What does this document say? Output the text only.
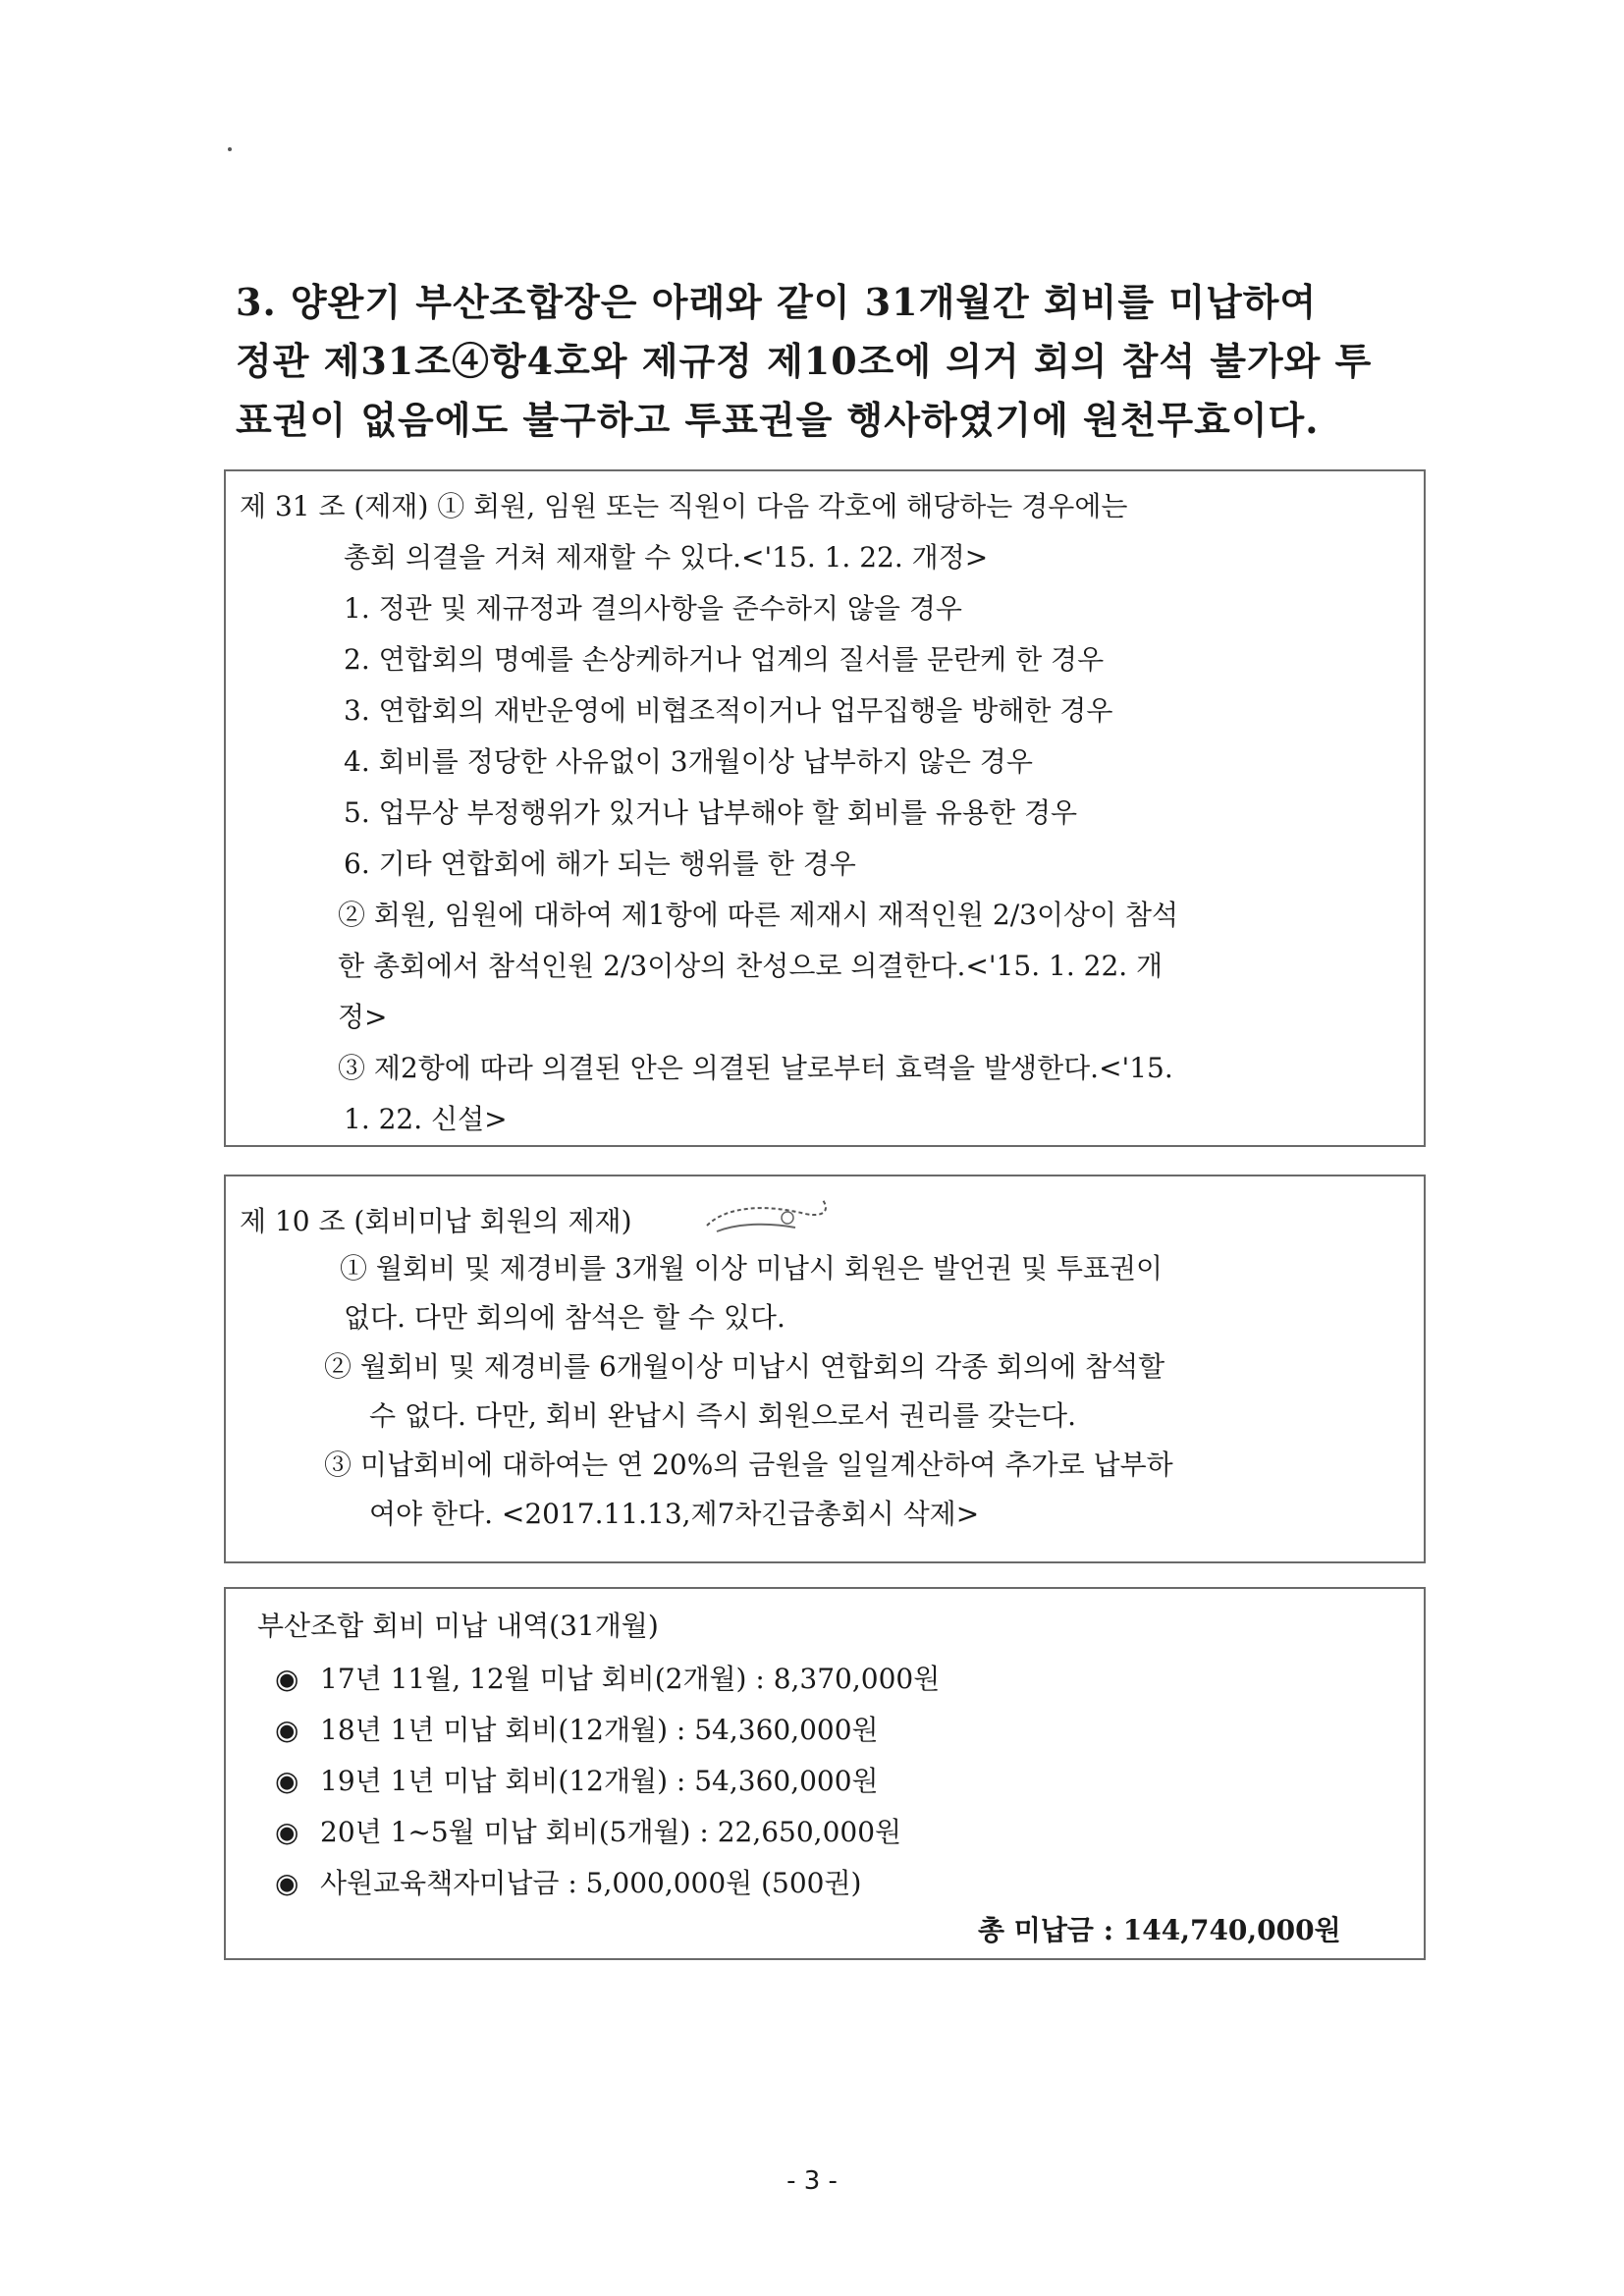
3. 양완기 부산조합장은 아래와 같이 31개월간 회비를 미납하여
정관 제31조④항4호와 제규정 제10조에 의거 회의 참석 불가와 투
표권이 없음에도 불구하고 투표권을 행사하였기에 원천무효이다.
제 31 조 (제재) ① 회원, 임원 또는 직원이 다음 각호에 해당하는 경우에는
총회 의결을 거쳐 제재할 수 있다.<'15. 1. 22. 개정>
1. 정관 및 제규정과 결의사항을 준수하지 않을 경우
2. 연합회의 명예를 손상케하거나 업계의 질서를 문란케 한 경우
3. 연합회의 재반운영에 비협조적이거나 업무집행을 방해한 경우
4. 회비를 정당한 사유없이 3개월이상 납부하지 않은 경우
5. 업무상 부정행위가 있거나 납부해야 할 회비를 유용한 경우
6. 기타 연합회에 해가 되는 행위를 한 경우
② 회원, 임원에 대하여 제1항에 따른 제재시 재적인원 2/3이상이 참석
한 총회에서 참석인원 2/3이상의 찬성으로 의결한다.<'15. 1. 22. 개
정>
③ 제2항에 따라 의결된 안은 의결된 날로부터 효력을 발생한다.<'15.
1. 22. 신설>
제 10 조 (회비미납 회원의 제재)
① 월회비 및 제경비를 3개월 이상 미납시 회원은 발언권 및 투표권이
없다. 다만 회의에 참석은 할 수 있다.
② 월회비 및 제경비를 6개월이상 미납시 연합회의 각종 회의에 참석할
수 없다. 다만, 회비 완납시 즉시 회원으로서 권리를 갖는다.
③ 미납회비에 대하여는 연 20%의 금원을 일일계산하여 추가로 납부하
여야 한다. <2017.11.13,제7차긴급총회시 삭제>
부산조합 회비 미납 내역(31개월)
◉ 17년 11월, 12월 미납 회비(2개월) : 8,370,000원
◉ 18년 1년 미납 회비(12개월) : 54,360,000원
◉ 19년 1년 미납 회비(12개월) : 54,360,000원
◉ 20년 1~5월 미납 회비(5개월) : 22,650,000원
◉ 사원교육책자미납금 : 5,000,000원 (500권)
총 미납금 : 144,740,000원
- 3 -
